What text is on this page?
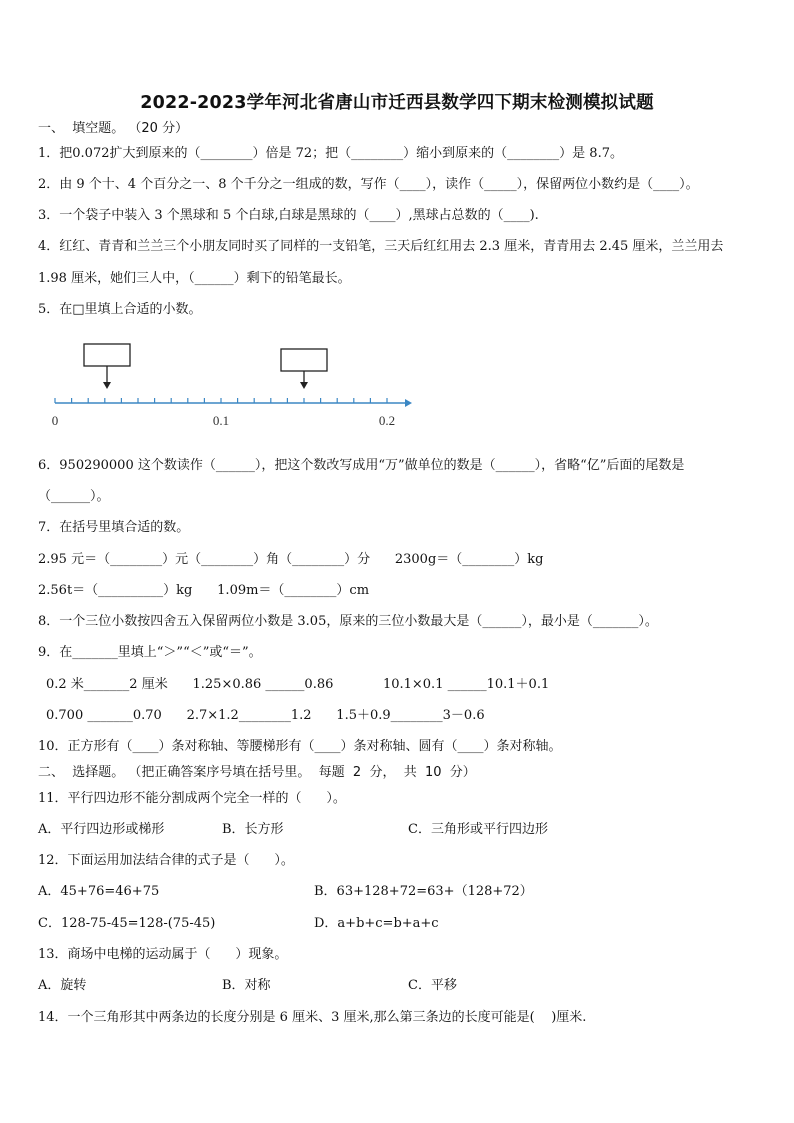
2022-2023学年河北省唐山市迁西县数学四下期末检测模拟试题
一、  填空题。 （20 分）
1．把0.072扩大到原来的（________）倍是 72；把（________）缩小到原来的（________）是 8.7。
2．由 9 个十、4 个百分之一、8 个千分之一组成的数，写作（____），读作（_____），保留两位小数约是（____）。
3．一个袋子中装入 3 个黑球和 5 个白球,白球是黑球的（____）,黑球占总数的（____).
4．红红、青青和兰兰三个小朋友同时买了同样的一支铅笔，三天后红红用去 2.3 厘米，青青用去 2.45 厘米，兰兰用去
1.98 厘米，她们三人中，（______）剩下的铅笔最长。
5．在□里填上合适的小数。
0	0.1	0.2
6．950290000 这个数读作（______），把这个数改写成用“万”做单位的数是（______），省略“亿”后面的尾数是
（______）。
7．在括号里填合适的数。
2.95 元＝（________）元（________）角（________）分      2300g＝（________）kg
2.56t＝（__________）kg      1.09m＝（________）cm
8．一个三位小数按四舍五入保留两位小数是 3.05，原来的三位小数最大是（______），最小是（_______）。
9．在_______里填上“＞”“＜”或“＝”。
0.2 米_______2 厘米      1.25×0.86 ______0.86            10.1×0.1 ______10.1＋0.1
0.700 _______0.70      2.7×1.2________1.2      1.5＋0.9________3－0.6
10．正方形有（____）条对称轴、等腰梯形有（____）条对称轴、圆有（____）条对称轴。
二、  选择题。 （把正确答案序号填在括号里。  每题  2  分，  共  10  分）
11．平行四边形不能分割成两个完全一样的（      ）。
A．平行四边形或梯形	B．长方形	C．三角形或平行四边形
12．下面运用加法结合律的式子是（      ）。
A．45+76=46+75	B．63+128+72=63+（128+72）
C．128-75-45=128-(75-45)	D．a+b+c=b+a+c
13．商场中电梯的运动属于（      ）现象。
A．旋转	B．对称	C．平移
14．一个三角形其中两条边的长度分别是 6 厘米、3 厘米,那么第三条边的长度可能是(    )厘米.
